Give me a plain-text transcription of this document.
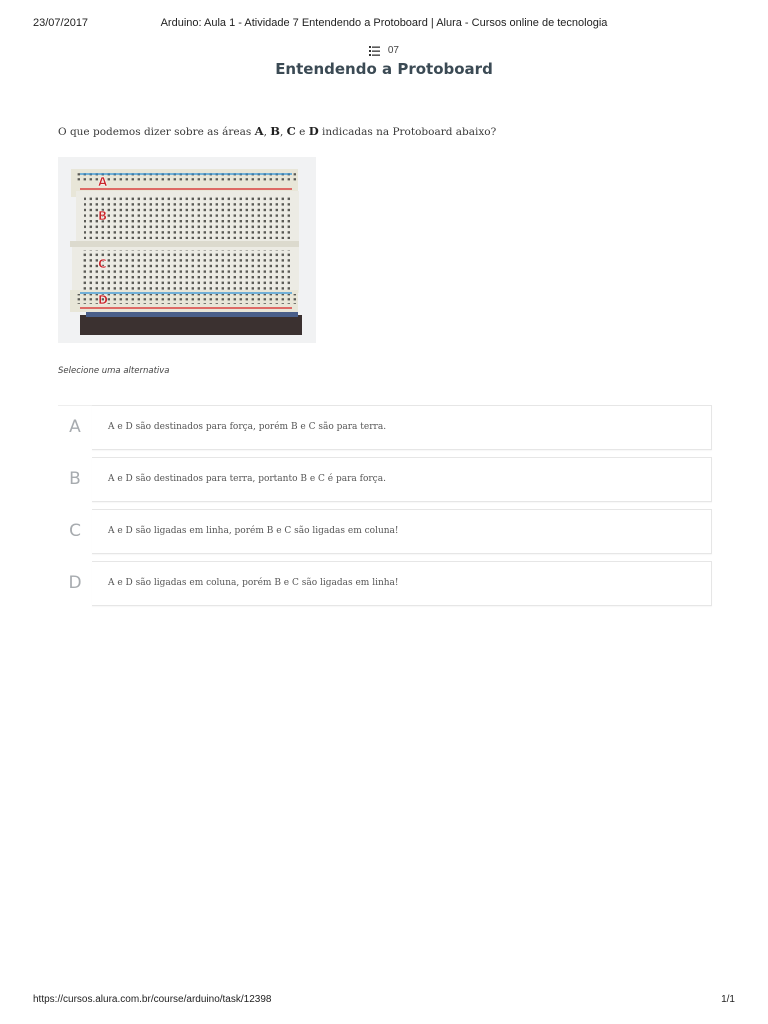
23/07/2017	Arduino: Aula 1 - Atividade 7 Entendendo a Protoboard | Alura - Cursos online de tecnologia
07
Entendendo a Protoboard
O que podemos dizer sobre as áreas A, B, C e D indicadas na Protoboard abaixo?
A
B
C
D
Selecione uma alternativa
A	A e D são destinados para força, porém B e C são para terra.
B	A e D são destinados para terra, portanto B e C é para força.
C	A e D são ligadas em linha, porém B e C são ligadas em coluna!
D	A e D são ligadas em coluna, porém B e C são ligadas em linha!
https://cursos.alura.com.br/course/arduino/task/12398	1/1
